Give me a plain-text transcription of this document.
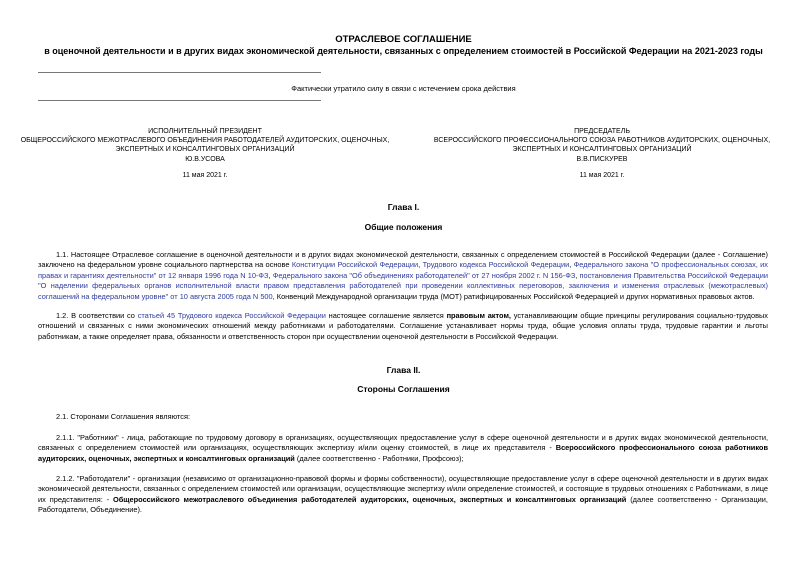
ОТРАСЛЕВОЕ СОГЛАШЕНИЕ
в оценочной деятельности и в других видах экономической деятельности, связанных с определением стоимостей в Российской Федерации на 2021-2023 годы
Фактически утратило силу в связи с истечением срока действия
ИСПОЛНИТЕЛЬНЫЙ ПРЕЗИДЕНТ
ОБЩЕРОССИЙСКОГО МЕЖОТРАСЛЕВОГО ОБЪЕДИНЕНИЯ РАБОТОДАТЕЛЕЙ АУДИТОРСКИХ, ОЦЕНОЧНЫХ,
ЭКСПЕРТНЫХ И КОНСАЛТИНГОВЫХ ОРГАНИЗАЦИЙ
Ю.В.УСОВА
ПРЕДСЕДАТЕЛЬ
ВСЕРОССИЙСКОГО ПРОФЕССИОНАЛЬНОГО СОЮЗА РАБОТНИКОВ АУДИТОРСКИХ, ОЦЕНОЧНЫХ,
ЭКСПЕРТНЫХ И КОНСАЛТИНГОВЫХ ОРГАНИЗАЦИЙ
В.В.ПИСКУРЕВ
11 мая 2021 г.	11 мая 2021 г.
Глава I.
Общие положения
1.1. Настоящее Отраслевое соглашение в оценочной деятельности и в других видах экономической деятельности, связанных с определением стоимостей в Российской Федерации (далее - Соглашение) заключено на федеральном уровне социального партнерства на основе Конституции Российской Федерации, Трудового кодекса Российской Федерации, Федерального закона "О профессиональных союзах, их правах и гарантиях деятельности" от 12 января 1996 года N 10-ФЗ, Федерального закона "Об объединениях работодателей" от 27 ноября 2002 г. N 156-ФЗ, постановления Правительства Российской Федерации "О наделении федеральных органов исполнительной власти правом представления работодателей при проведении коллективных переговоров, заключения и изменения отраслевых (межотраслевых) соглашений на федеральном уровне" от 10 августа 2005 года N 500, Конвенций Международной организации труда (МОТ) ратифицированных Российской Федерацией и других нормативных правовых актов.
1.2. В соответствии со статьей 45 Трудового кодекса Российской Федерации настоящее соглашение является правовым актом, устанавливающим общие принципы регулирования социально-трудовых отношений и связанных с ними экономических отношений между работниками и работодателями. Соглашение устанавливает нормы труда, общие условия оплаты труда, трудовые гарантии и льготы работникам, а также определяет права, обязанности и ответственность сторон при осуществлении оценочной деятельности в Российской Федерации.
Глава II.
Стороны Соглашения
2.1. Сторонами Соглашения являются:
2.1.1. "Работники" - лица, работающие по трудовому договору в организациях, осуществляющих предоставление услуг в сфере оценочной деятельности и в других видах экономической деятельности, связанных с определением стоимостей или организациях, осуществляющих экспертизу и/или оценку стоимостей, в лице их представителя - Всероссийского профессионального союза работников аудиторских, оценочных, экспертных и консалтинговых организаций (далее соответственно - Работники, Профсоюз);
2.1.2. "Работодатели" - организации (независимо от организационно-правовой формы и формы собственности), осуществляющие предоставление услуг в сфере оценочной деятельности и в других видах экономической деятельности, связанных с определением стоимостей или организации, осуществляющие экспертизу и/или определение стоимостей, и состоящие в трудовых отношениях с Работниками, в лице их представителя: - Общероссийского межотраслевого объединения работодателей аудиторских, оценочных, экспертных и консалтинговых организаций (далее соответственно - Организации, Работодатели, Объединение).
